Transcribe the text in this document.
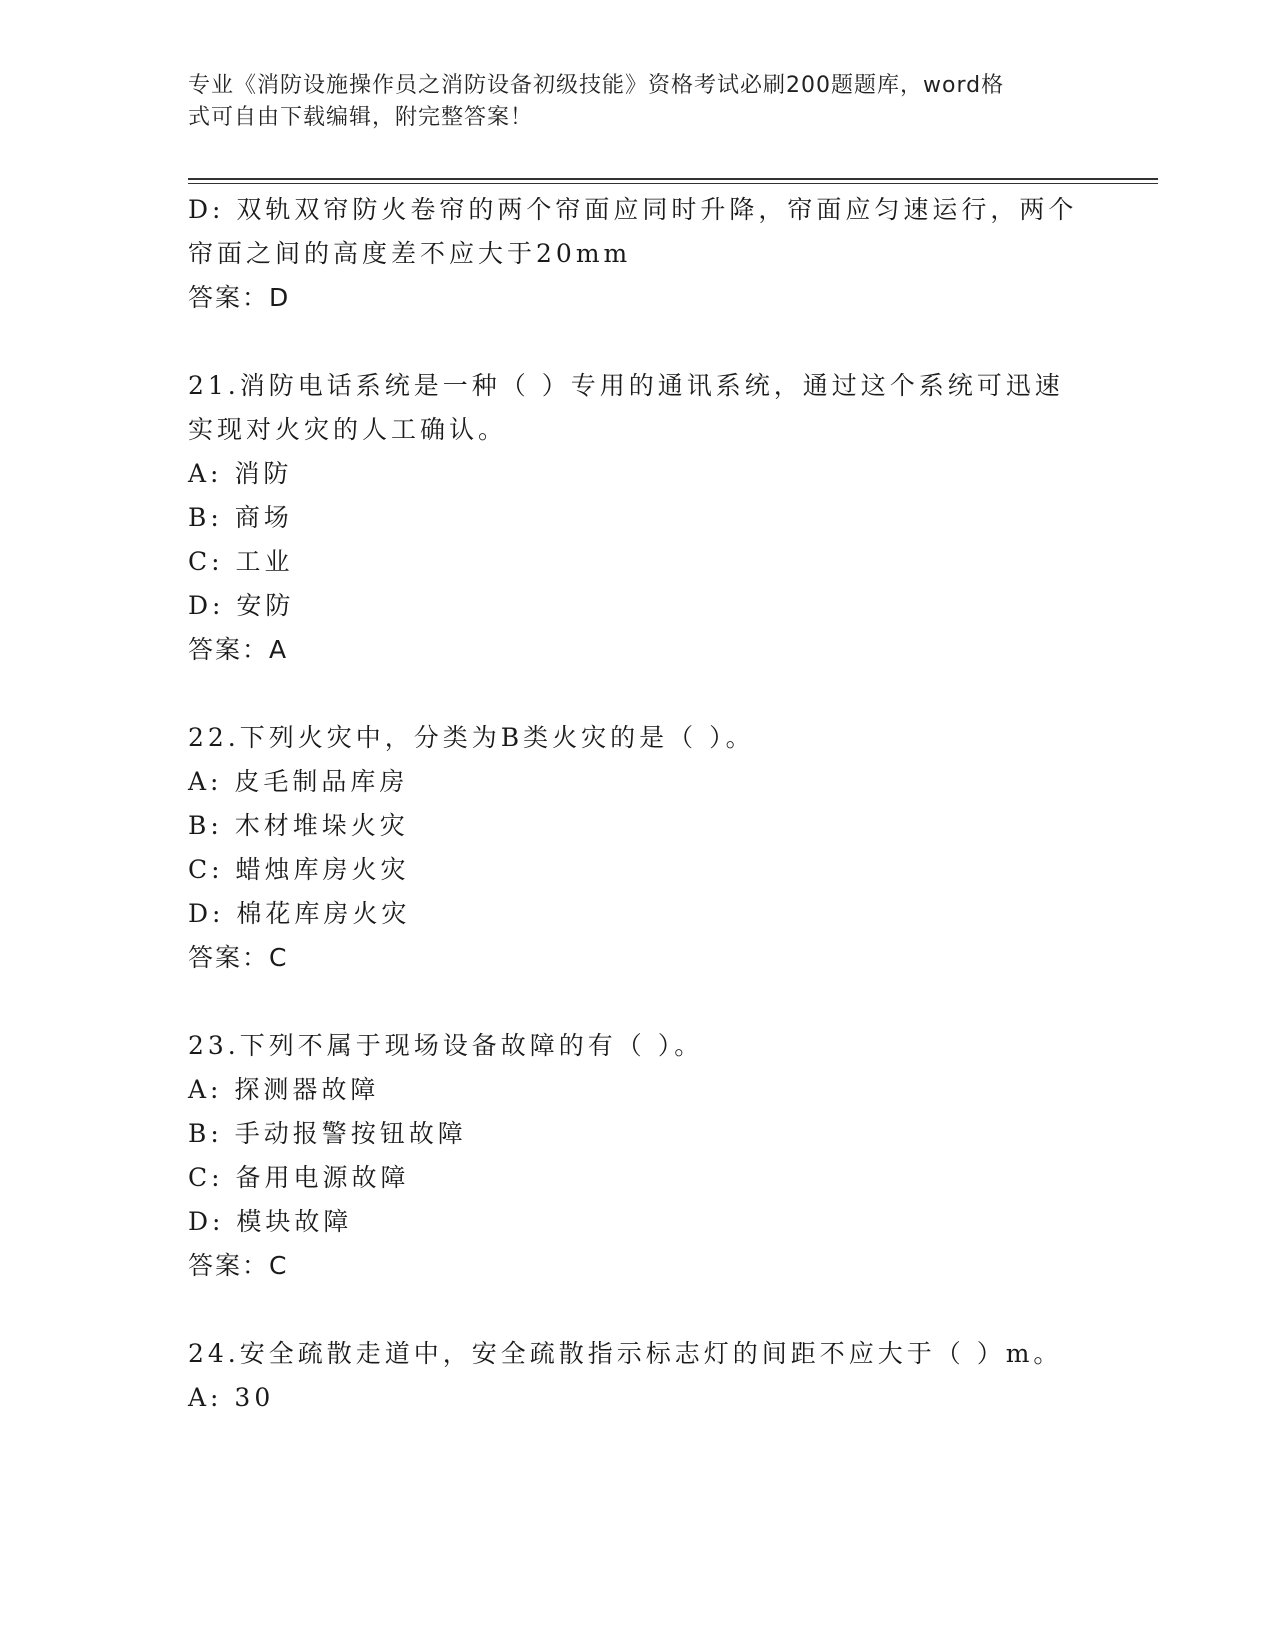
专业《消防设施操作员之消防设备初级技能》资格考试必刷200题题库，word格
式可自由下载编辑，附完整答案！
D: 双轨双帘防火卷帘的两个帘面应同时升降，帘面应匀速运行，两个
帘面之间的高度差不应大于20mm
答案：D
21.消防电话系统是一种（ ）专用的通讯系统，通过这个系统可迅速
实现对火灾的人工确认。
A: 消防
B: 商场
C: 工业
D: 安防
答案：A
22.下列火灾中，分类为B类火灾的是（ ）。
A: 皮毛制品库房
B: 木材堆垛火灾
C: 蜡烛库房火灾
D: 棉花库房火灾
答案：C
23.下列不属于现场设备故障的有（ ）。
A: 探测器故障
B: 手动报警按钮故障
C: 备用电源故障
D: 模块故障
答案：C
24.安全疏散走道中，安全疏散指示标志灯的间距不应大于（ ）m。
A: 30
